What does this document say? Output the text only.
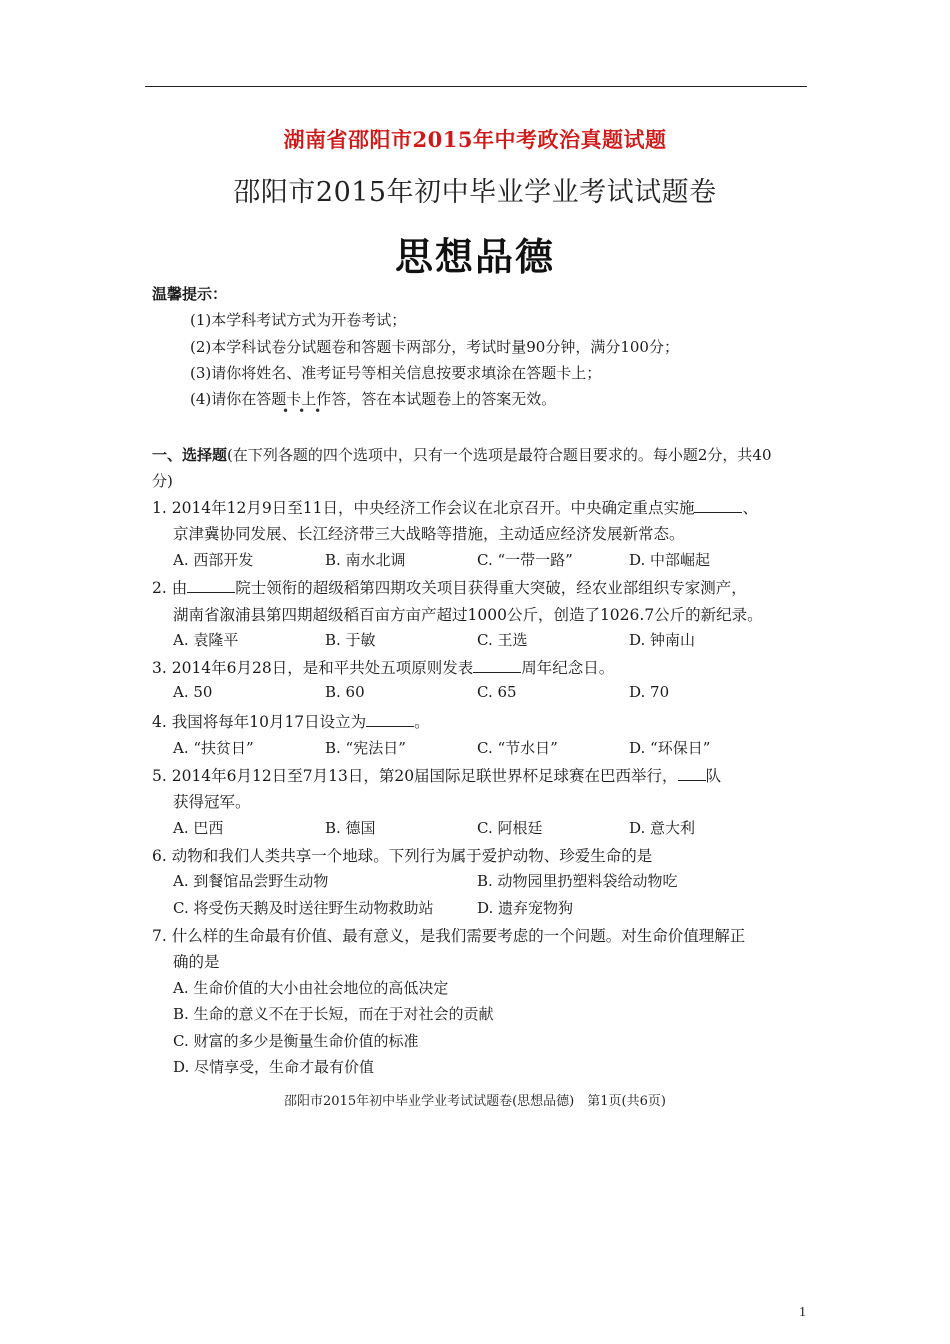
湖南省邵阳市2015年中考政治真题试题
邵阳市2015年初中毕业学业考试试题卷
思想品德
温馨提示：
(1)本学科考试方式为开卷考试；
(2)本学科试卷分试题卷和答题卡两部分，考试时量90分钟，满分100分；
(3)请你将姓名、准考证号等相关信息按要求填涂在答题卡上；
(4)请你在答题卡上作答，答在本试题卷上的答案无效。
•••
一、选择题(在下列各题的四个选项中，只有一个选项是最符合题目要求的。每小题2分，共40分)
1. 2014年12月9日至11日，中央经济工作会议在北京召开。中央确定重点实施	、
京津冀协同发展、长江经济带三大战略等措施，主动适应经济发展新常态。
A. 西部开发	B. 南水北调	C. “一带一路”	D. 中部崛起
2. 由	院士领衔的超级稻第四期攻关项目获得重大突破，经农业部组织专家测产，
湖南省溆浦县第四期超级稻百亩方亩产超过1000公斤，创造了1026.7公斤的新纪录。
A. 袁隆平	B. 于敏	C. 王选	D. 钟南山
3. 2014年6月28日，是和平共处五项原则发表	周年纪念日。
A. 50	B. 60	C. 65	D. 70
4. 我国将每年10月17日设立为	。
A. “扶贫日”	B. “宪法日”	C. “节水日”	D. “环保日”
5. 2014年6月12日至7月13日，第20届国际足联世界杯足球赛在巴西举行， 队
获得冠军。
A. 巴西	B. 德国	C. 阿根廷	D. 意大利
6. 动物和我们人类共享一个地球。下列行为属于爱护动物、珍爱生命的是
A. 到餐馆品尝野生动物	B. 动物园里扔塑料袋给动物吃
C. 将受伤天鹅及时送往野生动物救助站	D. 遗弃宠物狗
7. 什么样的生命最有价值、最有意义，是我们需要考虑的一个问题。对生命价值理解正
确的是
A. 生命价值的大小由社会地位的高低决定
B. 生命的意义不在于长短，而在于对社会的贡献
C. 财富的多少是衡量生命价值的标准
D. 尽情享受，生命才最有价值
邵阳市2015年初中毕业学业考试试题卷(思想品德)　第1页(共6页)
1
